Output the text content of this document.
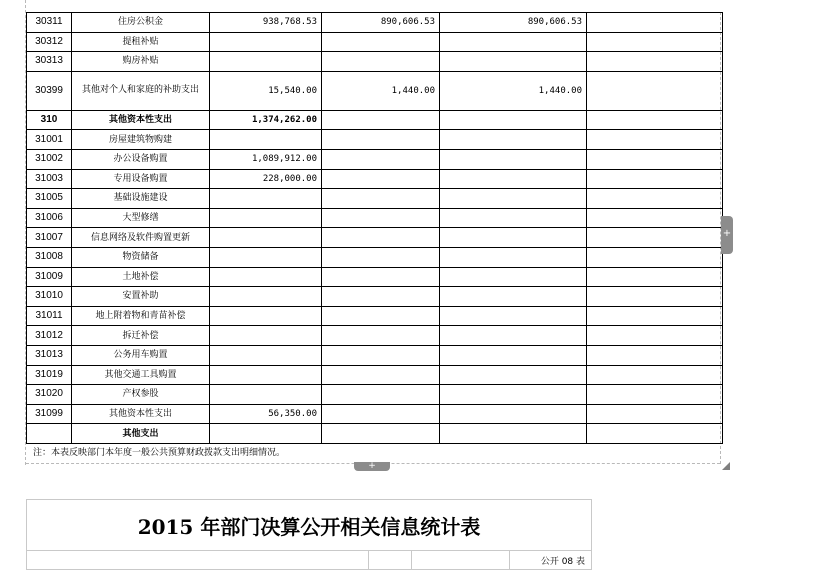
30311	住房公积金	938,768.53	890,606.53	890,606.53	
30312	提租补贴				
30313	购房补贴				
30399	其他对个人和家庭的补助支出	15,540.00	1,440.00	1,440.00	
310	其他资本性支出	1,374,262.00			
31001	房屋建筑物购建				
31002	办公设备购置	1,089,912.00			
31003	专用设备购置	228,000.00			
31005	基础设施建设				
31006	大型修缮				
31007	信息网络及软件购置更新				
31008	物资储备				
31009	土地补偿				
31010	安置补助				
31011	地上附着物和青苗补偿				
31012	拆迁补偿				
31013	公务用车购置				
31019	其他交通工具购置				
31020	产权参股				
31099	其他资本性支出	56,350.00			
	其他支出				
注：本表反映部门本年度一般公共预算财政拨款支出明细情况。
+
+
2015 年部门决算公开相关信息统计表
			公开 08 表
